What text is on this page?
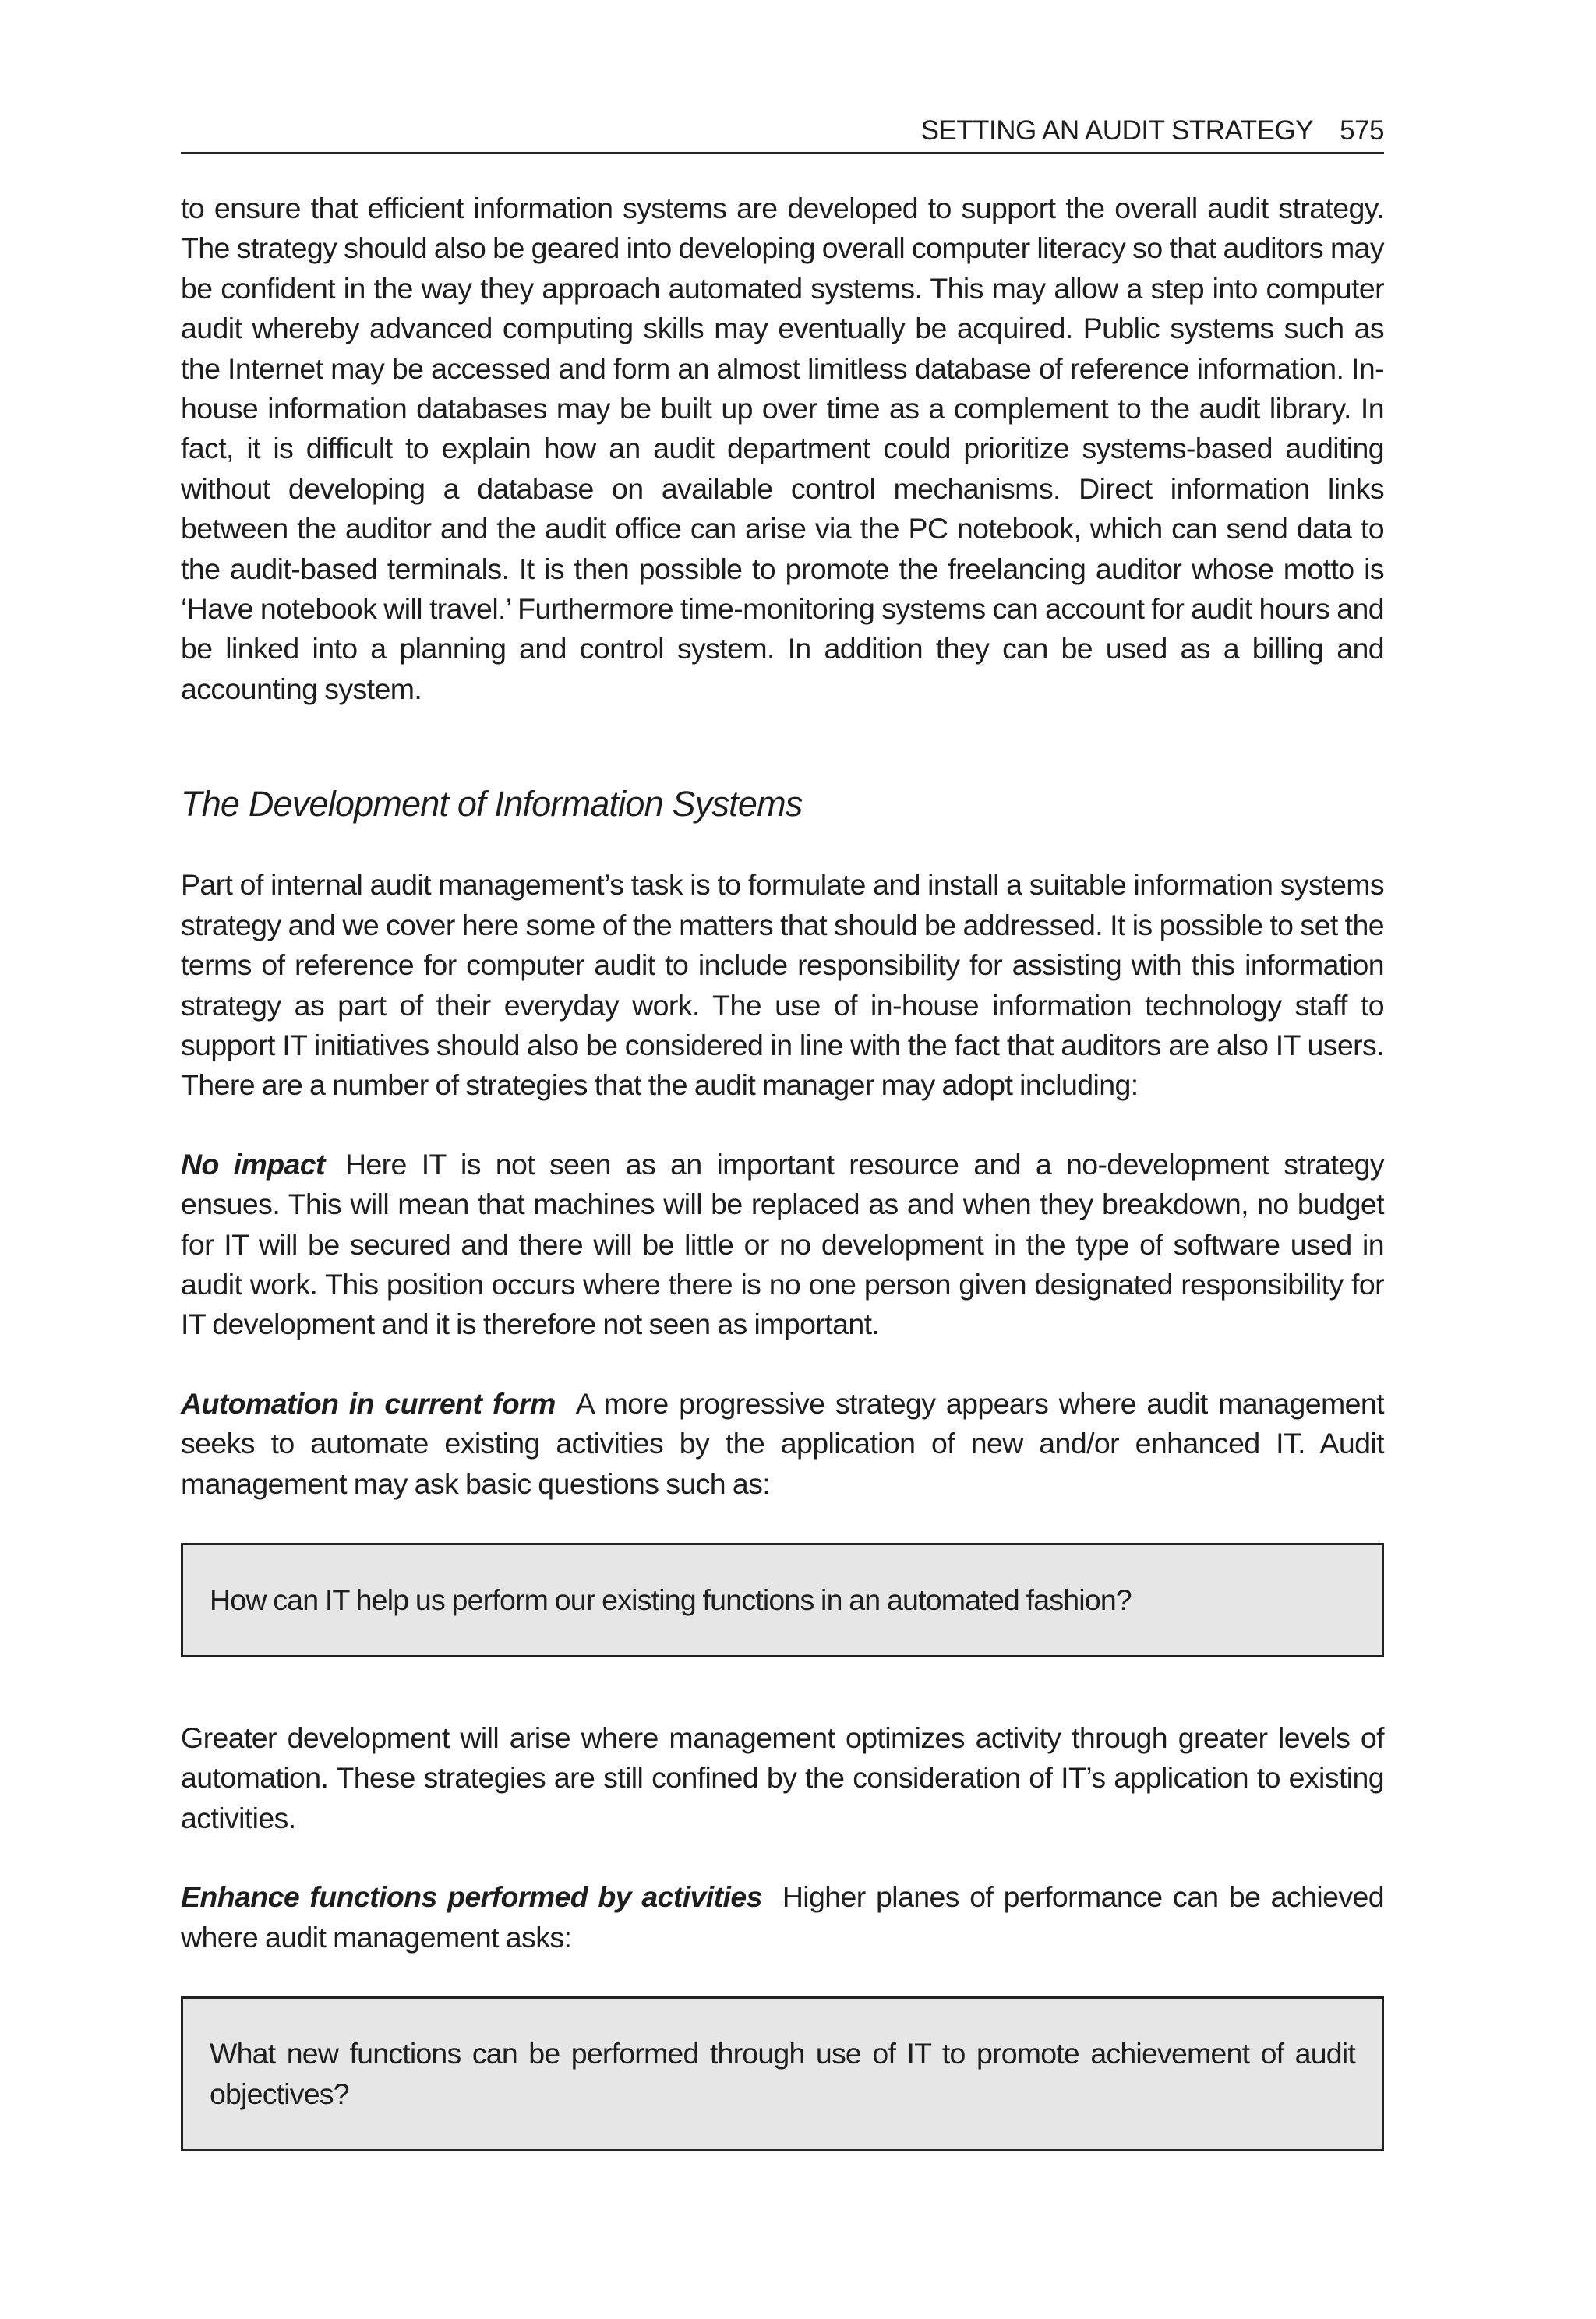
SETTING AN AUDIT STRATEGY 575

to ensure that efficient information systems are developed to support the overall audit strategy. The strategy should also be geared into developing overall computer literacy so that auditors may be confident in the way they approach automated systems. This may allow a step into computer audit whereby advanced computing skills may eventually be acquired. Public systems such as the Internet may be accessed and form an almost limitless database of reference information. In-house information databases may be built up over time as a complement to the audit library. In fact, it is difficult to explain how an audit department could prioritize systems-based auditing without developing a database on available control mechanisms. Direct information links between the auditor and the audit office can arise via the PC notebook, which can send data to the audit-based terminals. It is then possible to promote the freelancing auditor whose motto is ‘Have notebook will travel.’ Furthermore time-monitoring systems can account for audit hours and be linked into a planning and control system. In addition they can be used as a billing and accounting system.

The Development of Information Systems

Part of internal audit management’s task is to formulate and install a suitable information systems strategy and we cover here some of the matters that should be addressed. It is possible to set the terms of reference for computer audit to include responsibility for assisting with this information strategy as part of their everyday work. The use of in-house information technology staff to support IT initiatives should also be considered in line with the fact that auditors are also IT users. There are a number of strategies that the audit manager may adopt including:

No impact Here IT is not seen as an important resource and a no-development strategy ensues. This will mean that machines will be replaced as and when they breakdown, no budget for IT will be secured and there will be little or no development in the type of software used in audit work. This position occurs where there is no one person given designated responsibility for IT development and it is therefore not seen as important.

Automation in current form A more progressive strategy appears where audit management seeks to automate existing activities by the application of new and/or enhanced IT. Audit management may ask basic questions such as:

How can IT help us perform our existing functions in an automated fashion?

Greater development will arise where management optimizes activity through greater levels of automation. These strategies are still confined by the consideration of IT’s application to existing activities.

Enhance functions performed by activities Higher planes of performance can be achieved where audit management asks:

What new functions can be performed through use of IT to promote achievement of audit objectives?
